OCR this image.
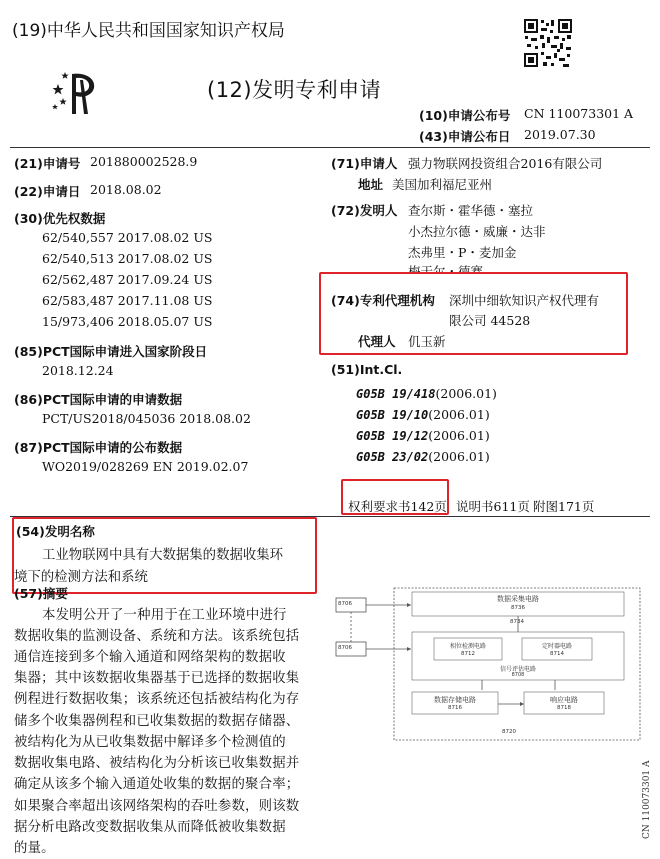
(19)中华人民共和国国家知识产权局
(12)发明专利申请
(10)申请公布号 CN 110073301 A
(43)申请公布日 2019.07.30
(21)申请号 201880002528.9
(22)申请日 2018.08.02
(30)优先权数据
62/540,557 2017.08.02 US
62/540,513 2017.08.02 US
62/562,487 2017.09.24 US
62/583,487 2017.11.08 US
15/973,406 2018.05.07 US
(85)PCT国际申请进入国家阶段日
2018.12.24
(86)PCT国际申请的申请数据
PCT/US2018/045036 2018.08.02
(87)PCT国际申请的公布数据
WO2019/028269 EN 2019.02.07
(71)申请人 强力物联网投资组合2016有限公司
地址 美国加利福尼亚州
(72)发明人 查尔斯・霍华德・塞拉
小杰拉尔德・威廉・达非
杰弗里・P・麦加金
(74)专利代理机构 深圳中细软知识产权代理有
限公司 44528
代理人 仉玉新
(51)Int.Cl.
G05B 19/418(2006.01)
G05B 19/10(2006.01)
G05B 19/12(2006.01)
G05B 23/02(2006.01)
权利要求书142页 说明书611页 附图171页
(54)发明名称
工业物联网中具有大数据集的数据收集环
境下的检测方法和系统
(57)摘要
本发明公开了一种用于在工业环境中进行
数据收集的监测设备、系统和方法。该系统包括
通信连接到多个输入通道和网络架构的数据收
集器；其中该数据收集器基于已选择的数据收集
例程进行数据收集；该系统还包括被结构化为存
储多个收集器例程和已收集数据的数据存储器、
被结构化为从已收集数据中解译多个检测值的
数据收集电路、被结构化为分析该已收集数据并
确定从该多个输入通道处收集的数据的聚合率；
如果聚合率超出该网络架构的吞吐参数，则该数
据分析电路改变数据收集从而降低被收集数据
的量。
数据采集电路
8736
8706
8706
8734
相位检测电路
8712
定时器电路
8714
信号评估电路
8708
数据存储电路
8716
响应电路
8718
8720
CN 110073301 A
